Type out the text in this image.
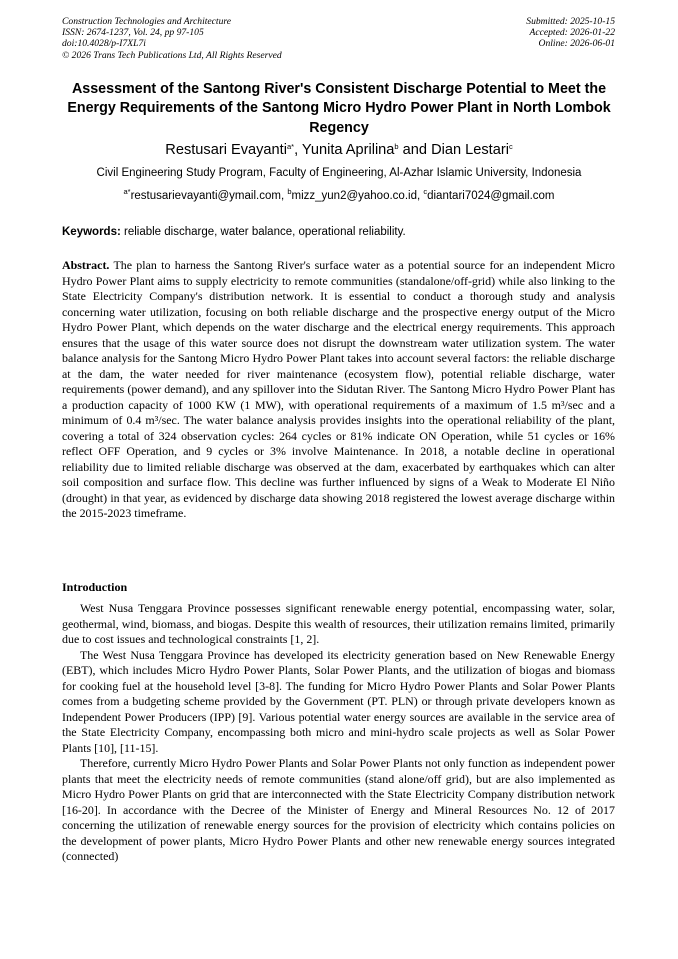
Construction Technologies and Architecture
ISSN: 2674-1237, Vol. 24, pp 97-105
doi:10.4028/p-I7XL7i
© 2026 Trans Tech Publications Ltd, All Rights Reserved
Submitted: 2025-10-15
Accepted: 2026-01-22
Online: 2026-06-01
Assessment of the Santong River's Consistent Discharge Potential to Meet the Energy Requirements of the Santong Micro Hydro Power Plant in North Lombok Regency
Restusari Evayanti$^{a*}$, Yunita Aprilina$^b$ and Dian Lestari$^c$
Civil Engineering Study Program, Faculty of Engineering, Al-Azhar Islamic University, Indonesia
$^{a*}$restusarievayanti@ymail.com, $^b$mizz_yun2@yahoo.co.id, $^c$diantari7024@gmail.com
Keywords: reliable discharge, water balance, operational reliability.
Abstract. The plan to harness the Santong River's surface water as a potential source for an independent Micro Hydro Power Plant aims to supply electricity to remote communities (standalone/off-grid) while also linking to the State Electricity Company's distribution network. It is essential to conduct a thorough study and analysis concerning water utilization, focusing on both reliable discharge and the prospective energy output of the Micro Hydro Power Plant, which depends on the water discharge and the electrical energy requirements. This approach ensures that the usage of this water source does not disrupt the downstream water utilization system. The water balance analysis for the Santong Micro Hydro Power Plant takes into account several factors: the reliable discharge at the dam, the water needed for river maintenance (ecosystem flow), potential reliable discharge, water requirements (power demand), and any spillover into the Sidutan River. The Santong Micro Hydro Power Plant has a production capacity of 1000 KW (1 MW), with operational requirements of a maximum of 1.5 m³/sec and a minimum of 0.4 m³/sec. The water balance analysis provides insights into the operational reliability of the plant, covering a total of 324 observation cycles: 264 cycles or 81% indicate ON Operation, while 51 cycles or 16% reflect OFF Operation, and 9 cycles or 3% involve Maintenance. In 2018, a notable decline in operational reliability due to limited reliable discharge was observed at the dam, exacerbated by earthquakes which can alter soil composition and surface flow. This decline was further influenced by signs of a Weak to Moderate El Niño (drought) in that year, as evidenced by discharge data showing 2018 registered the lowest average discharge within the 2015-2023 timeframe.
Introduction

West Nusa Tenggara Province possesses significant renewable energy potential, encompassing water, solar, geothermal, wind, biomass, and biogas. Despite this wealth of resources, their utilization remains limited, primarily due to cost issues and technological constraints [1, 2].

The West Nusa Tenggara Province has developed its electricity generation based on New Renewable Energy (EBT), which includes Micro Hydro Power Plants, Solar Power Plants, and the utilization of biogas and biomass for cooking fuel at the household level [3-8]. The funding for Micro Hydro Power Plants and Solar Power Plants comes from a budgeting scheme provided by the Government (PT. PLN) or through private developers known as Independent Power Producers (IPP) [9]. Various potential water energy sources are available in the service area of the State Electricity Company, encompassing both micro and mini-hydro scale projects as well as Solar Power Plants [10], [11-15].

Therefore, currently Micro Hydro Power Plants and Solar Power Plants not only function as independent power plants that meet the electricity needs of remote communities (stand alone/off grid), but are also implemented as Micro Hydro Power Plants on grid that are interconnected with the State Electricity Company distribution network [16-20]. In accordance with the Decree of the Minister of Energy and Mineral Resources No. 12 of 2017 concerning the utilization of renewable energy sources for the provision of electricity which contains policies on the development of power plants, Micro Hydro Power Plants and other new renewable energy sources integrated (connected)
